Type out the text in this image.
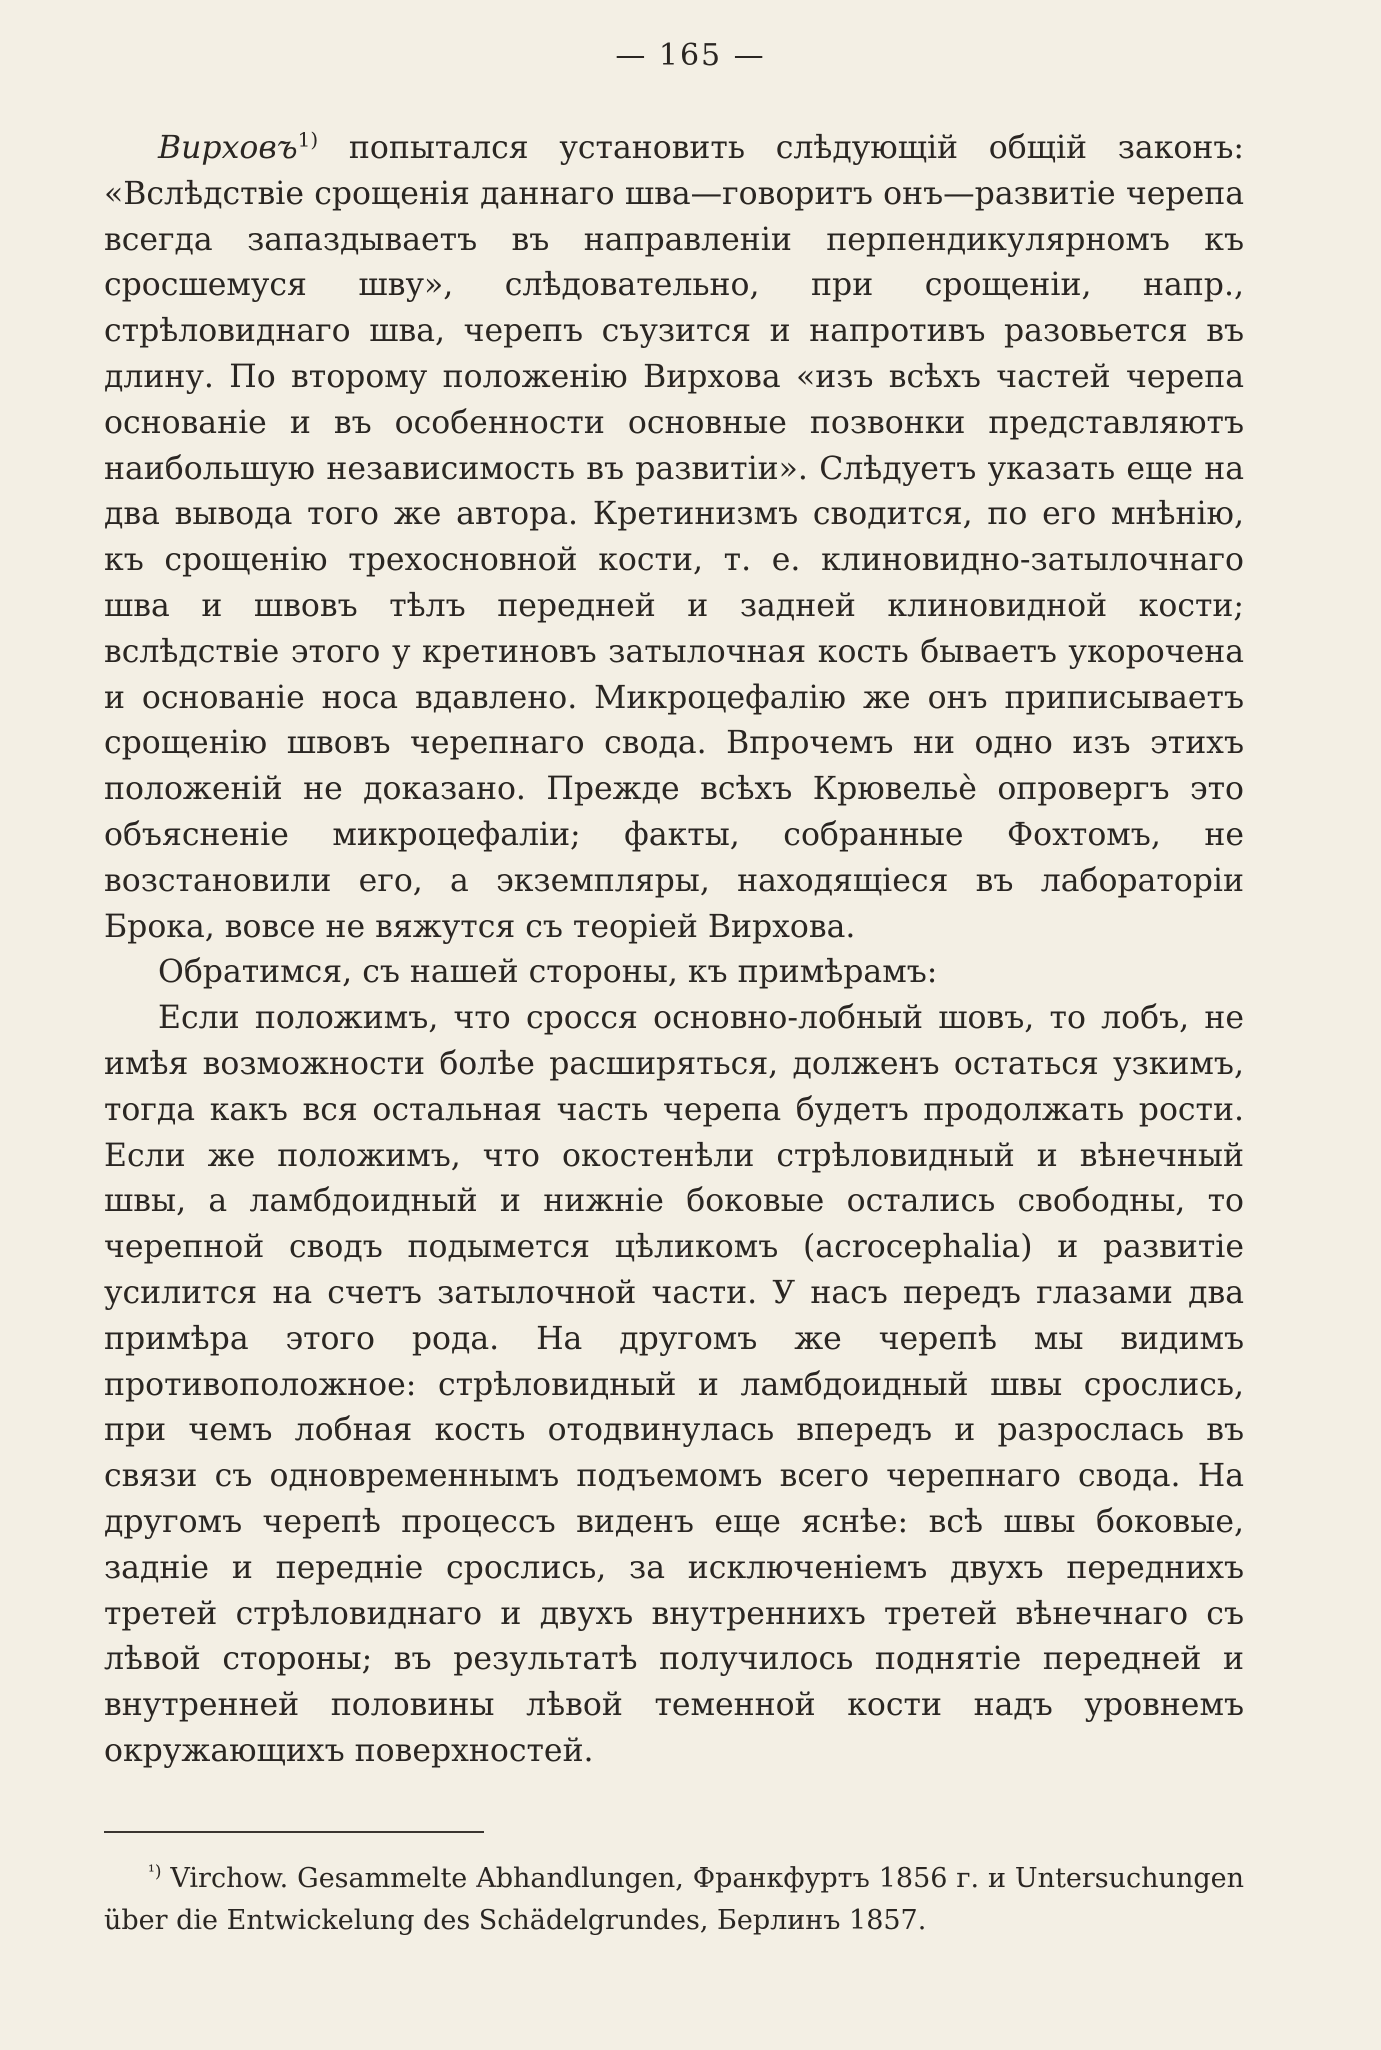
— 165 —

Вирховъ$^{1)}$ попытался установить слѣдующій общій законъ: «Вслѣдствіе срощенія даннаго шва—говоритъ онъ—развитіе черепа всегда запаздываетъ въ направленіи перпендикулярномъ къ сросшемуся шву», слѣдовательно, при срощеніи, напр., стрѣловиднаго шва, черепъ съузится и напротивъ разовьется въ длину. По второму положенію Вирхова «изъ всѣхъ частей черепа основаніе и въ особенности основные позвонки представляютъ наибольшую независимость въ развитіи». Слѣдуетъ указать еще на два вывода того же автора. Кретинизмъ сводится, по его мнѣнію, къ срощенію трехосновной кости, т. е. клиновидно-затылочнаго шва и швовъ тѣлъ передней и задней клиновидной кости; вслѣдствіе этого у кретиновъ затылочная кость бываетъ укорочена и основаніе носа вдавлено. Микроцефалію же онъ приписываетъ срощенію швовъ черепнаго свода. Впрочемъ ни одно изъ этихъ положеній не доказано. Прежде всѣхъ Крювельѐ опровергъ это объясненіе микроцефаліи; факты, собранные Фохтомъ, не возстановили его, а экземпляры, находящіеся въ лабораторіи Брока, вовсе не вяжутся съ теоріей Вирхова.

Обратимся, съ нашей стороны, къ примѣрамъ:

Если положимъ, что сросся основно-лобный шовъ, то лобъ, не имѣя возможности болѣе расширяться, долженъ остаться узкимъ, тогда какъ вся остальная часть черепа будетъ продолжать рости. Если же положимъ, что окостенѣли стрѣловидный и вѣнечный швы, а ламбдоидный и нижніе боковые остались свободны, то черепной сводъ подымется цѣликомъ (acrocephalia) и развитіе усилится на счетъ затылочной части. У насъ передъ глазами два примѣра этого рода. На другомъ же черепѣ мы видимъ противоположное: стрѣловидный и ламбдоидный швы срослись, при чемъ лобная кость отодвинулась впередъ и разрослась въ связи съ одновременнымъ подъемомъ всего черепнаго свода. На другомъ черепѣ процессъ виденъ еще яснѣе: всѣ швы боковые, задніе и передніе срослись, за исключеніемъ двухъ переднихъ третей стрѣловиднаго и двухъ внутреннихъ третей вѣнечнаго съ лѣвой стороны; въ результатѣ получилось поднятіе передней и внутренней половины лѣвой теменной кости надъ уровнемъ окружающихъ поверхностей.

$^{^1)}$ Virchow. Gesammelte Abhandlungen, Франкфуртъ 1856 г. и Untersuchungen über die Entwickelung des Schädelgrundes, Берлинъ 1857.
